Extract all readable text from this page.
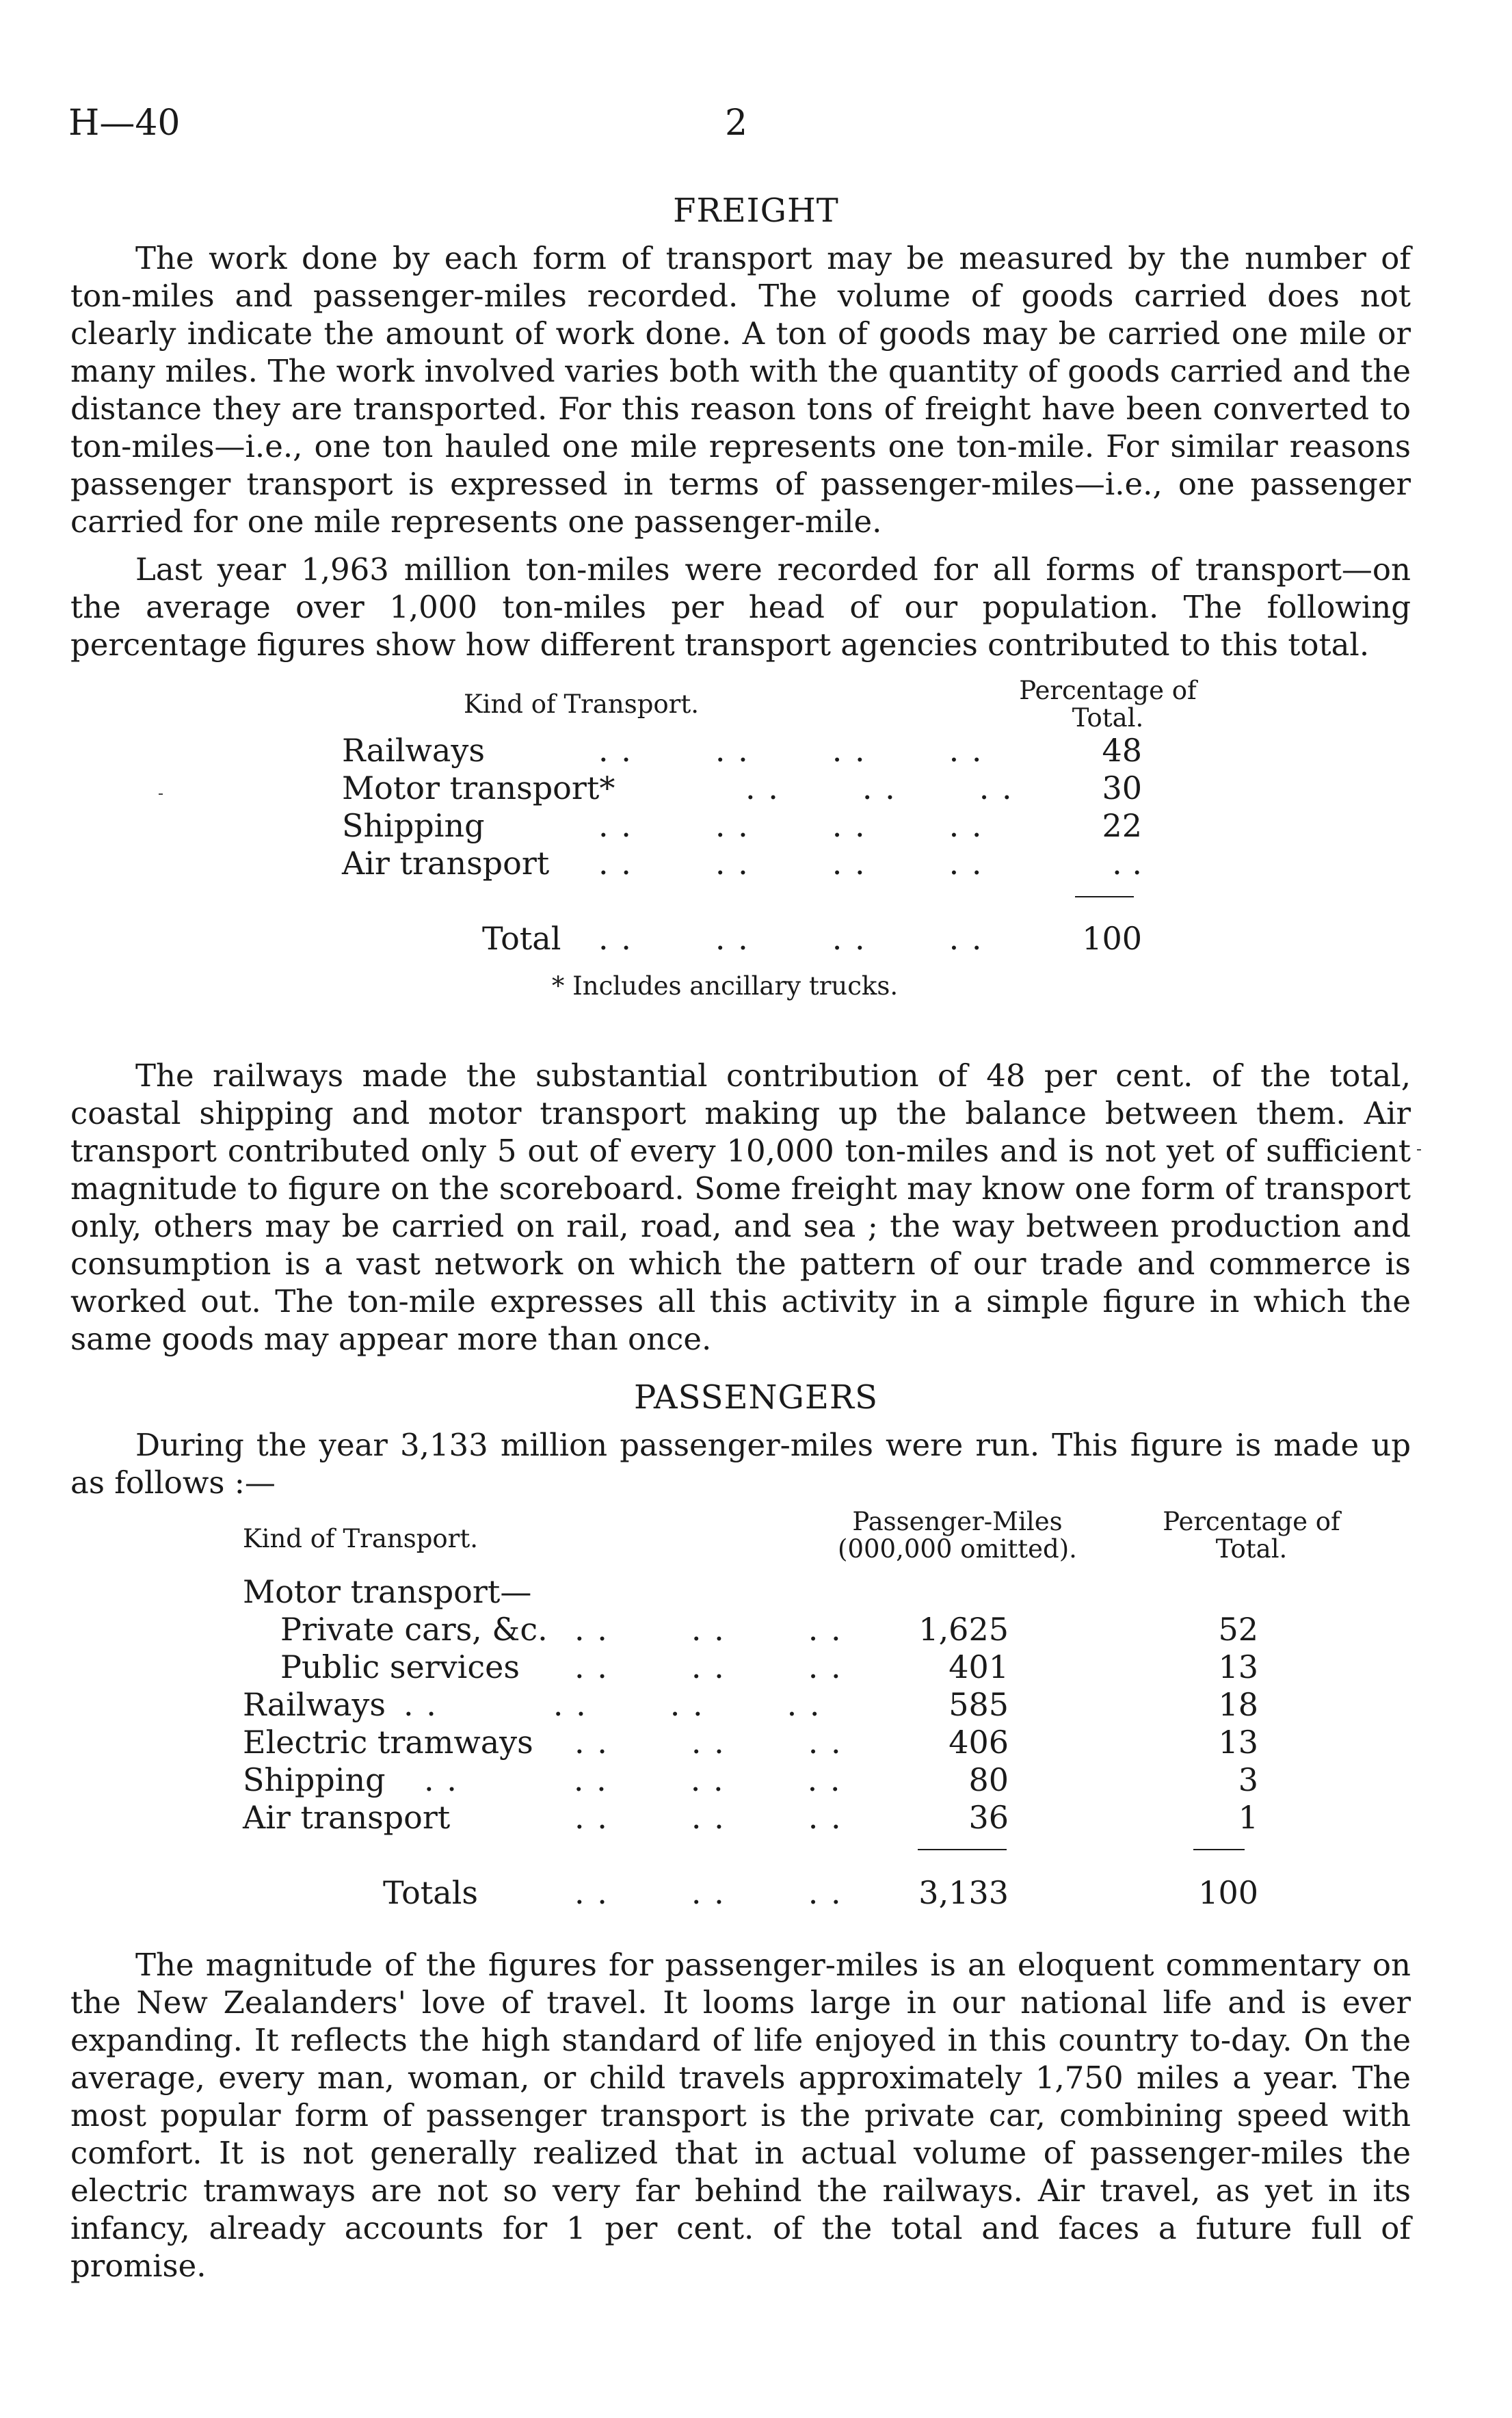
H—40	2
FREIGHT

The work done by each form of transport may be measured by the number of ton-miles and passenger-miles recorded. The volume of goods carried does not clearly indicate the amount of work done. A ton of goods may be carried one mile or many miles. The work involved varies both with the quantity of goods carried and the distance they are transported. For this reason tons of freight have been converted to ton-miles—i.e., one ton hauled one mile represents one ton-mile. For similar reasons passenger transport is expressed in terms of passenger-miles—i.e., one passenger carried for one mile represents one passenger-mile.

Last year 1,963 million ton-miles were recorded for all forms of transport—on the average over 1,000 ton-miles per head of our population. The following percentage figures show how different transport agencies contributed to this total.

Kind of Transport.	Percentage of
Total.
Railways	. .   . .   . .   . .	48
Motor transport*	. .   . .   . .	30
Shipping	. .   . .   . .   . .	22
Air transport . .   . .   . .   . .	. .
Total . .   . .   . .   . .	100
* Includes ancillary trucks.

The railways made the substantial contribution of 48 per cent. of the total, coastal shipping and motor transport making up the balance between them. Air transport contributed only 5 out of every 10,000 ton-miles and is not yet of sufficient magnitude to figure on the scoreboard. Some freight may know one form of transport only, others may be carried on rail, road, and sea ; the way between production and consumption is a vast network on which the pattern of our trade and commerce is worked out. The ton-mile expresses all this activity in a simple figure in which the same goods may appear more than once.

PASSENGERS

During the year 3,133 million passenger-miles were run. This figure is made up as follows :—

Kind of Transport.
Passenger-Miles
(000,000 omitted).
Percentage of
Total.
Motor transport—
Private cars, &c. . .   . .   . .	1,625	52
Public services . .   . .   . .	401	13
Railways . .    . .   . .   . .	585	18
Electric tramways . .   . .   . .	406	13
Shipping . .    . .   . .   . .	80	3
Air transport	. .   . .   . .	36	1
Totals	. .   . .   . .	3,133	100

The magnitude of the figures for passenger-miles is an eloquent commentary on the New Zealanders' love of travel. It looms large in our national life and is ever expanding. It reflects the high standard of life enjoyed in this country to-day. On the average, every man, woman, or child travels approximately 1,750 miles a year. The most popular form of passenger transport is the private car, combining speed with comfort. It is not generally realized that in actual volume of passenger-miles the electric tramways are not so very far behind the railways. Air travel, as yet in its infancy, already accounts for 1 per cent. of the total and faces a future full of promise.
